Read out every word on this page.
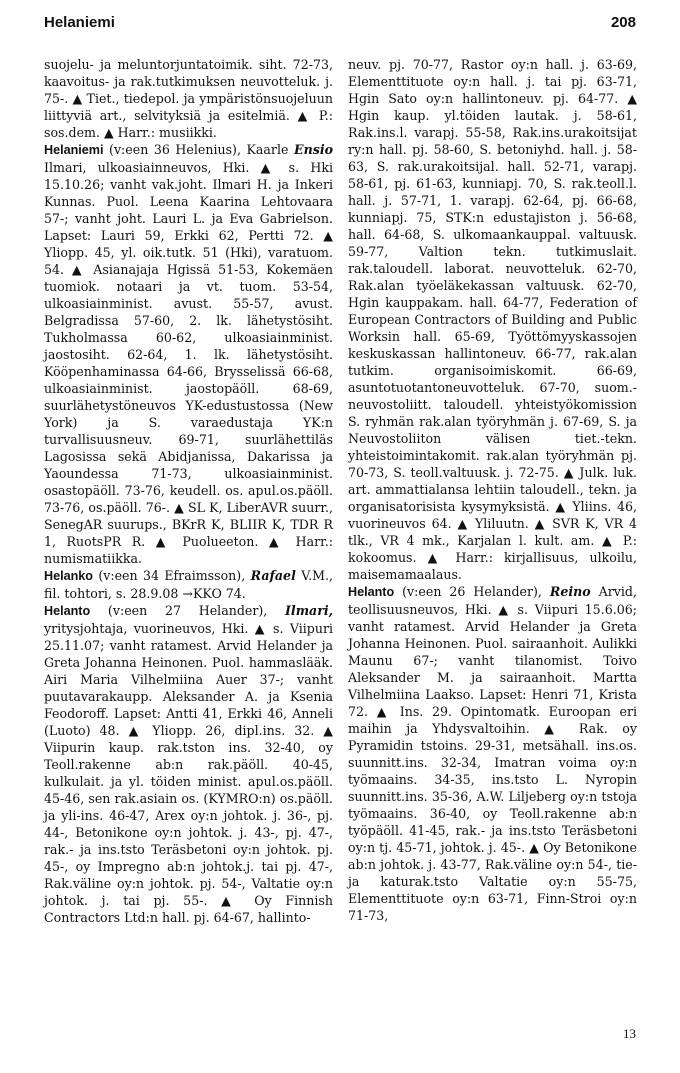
Helaniemi	208

suojelu- ja meluntorjuntatoimik. siht. 72-73, kaavoitus- ja rak.tutkimuksen neuvotteluk. j. 75-. ▲ Tiet., tiedepol. ja ympäristönsuojeluun liittyviä art., selvityksiä ja esitelmiä. ▲ P.: sos.dem. ▲ Harr.: musiikki.

Helaniemi (v:een 36 Helenius), Kaarle Ensio Ilmari, ulkoasiainneuvos, Hki. ▲ s. Hki 15.10.26; vanht vak.joht. Ilmari H. ja Inkeri Kunnas. Puol. Leena Kaarina Lehtovaara 57-; vanht joht. Lauri L. ja Eva Gabrielson. Lapset: Lauri 59, Erkki 62, Pertti 72. ▲ Yliopp. 45, yl. oik.tutk. 51 (Hki), varatuom. 54. ▲ Asianajaja Hgissä 51-53, Kokemäen tuomiok. notaari ja vt. tuom. 53-54, ulkoasiainminist. avust. 55-57, avust. Belgradissa 57-60, 2. lk. lähetystösiht. Tukholmassa 60-62, ulkoasiainminist. jaostosiht. 62-64, 1. lk. lähetystösiht. Kööpenhaminassa 64-66, Brysselissä 66-68, ulkoasiainminist. jaostopäöll. 68-69, suurlähetystöneuvos YK-edustustossa (New York) ja S. varaedustaja YK:n turvallisuusneuv. 69-71, suurlähettiläs Lagosissa sekä Abidjanissa, Dakarissa ja Yaoundessa 71-73, ulkoasiainminist. osastopäöll. 73-76, keudell. os. apul.os.päöll. 73-76, os.päöll. 76-. ▲ SL K, LiberAVR suurr., SenegAR suurups., BKrR K, BLIIR K, TDR R 1, RuotsPR R. ▲ Puolueeton. ▲ Harr.: numismatiikka.

Helanko (v:een 34 Efraimsson), Rafael V.M., fil. tohtori, s. 28.9.08 →KKO 74.

Helanto (v:een 27 Helander), Ilmari, yritysjohtaja, vuorineuvos, Hki. ▲ s. Viipuri 25.11.07; vanht ratamest. Arvid Helander ja Greta Johanna Heinonen. Puol. hammaslääk. Airi Maria Vilhelmiina Auer 37-; vanht puutavarakaupp. Aleksander A. ja Ksenia Feodoroff. Lapset: Antti 41, Erkki 46, Anneli (Luoto) 48. ▲ Yliopp. 26, dipl.ins. 32. ▲ Viipurin kaup. rak.tston ins. 32-40, oy Teoll.rakenne ab:n rak.päöll. 40-45, kulkulait. ja yl. töiden minist. apul.os.päöll. 45-46, sen rak.asiain os. (KYMRO:n) os.päöll. ja yli-ins. 46-47, Arex oy:n johtok. j. 36-, pj. 44-, Betonikone oy:n johtok. j. 43-, pj. 47-, rak.- ja ins.tsto Teräsbetoni oy:n johtok. pj. 45-, oy Impregno ab:n johtok.j. tai pj. 47-, Rak.väline oy:n johtok. pj. 54-, Valtatie oy:n johtok. j. tai pj. 55-. ▲ Oy Finnish Contractors Ltd:n hall. pj. 64-67, hallinto-

neuv. pj. 70-77, Rastor oy:n hall. j. 63-69, Elementtituote oy:n hall. j. tai pj. 63-71, Hgin Sato oy:n hallintoneuv. pj. 64-77. ▲ Hgin kaup. yl.töiden lautak. j. 58-61, Rak.ins.l. varapj. 55-58, Rak.ins.urakoitsijat ry:n hall. pj. 58-60, S. betoniyhd. hall. j. 58-63, S. rak.urakoitsijal. hall. 52-71, varapj. 58-61, pj. 61-63, kunniapj. 70, S. rak.teoll.l. hall. j. 57-71, 1. varapj. 62-64, pj. 66-68, kunniapj. 75, STK:n edustajiston j. 56-68, hall. 64-68, S. ulkomaankauppal. valtuusk. 59-77, Valtion tekn. tutkimuslait. rak.taloudell. laborat. neuvotteluk. 62-70, Rak.alan työeläkekassan valtuusk. 62-70, Hgin kauppakam. hall. 64-77, Federation of European Contractors of Building and Public Worksin hall. 65-69, Työttömyyskassojen keskuskassan hallintoneuv. 66-77, rak.alan tutkim. organisoimiskomit. 66-69, asuntotuotantoneuvotteluk. 67-70, suom.-neuvostoliitt. taloudell. yhteistyökomission S. ryhmän rak.alan työryhmän j. 67-69, S. ja Neuvostoliiton välisen tiet.-tekn. yhteistoimintakomit. rak.alan työryhmän pj. 70-73, S. teoll.valtuusk. j. 72-75. ▲ Julk. luk. art. ammattialansa lehtiin taloudell., tekn. ja organisatorisista kysymyksistä. ▲ Yliins. 46, vuorineuvos 64. ▲ Yliluutn. ▲ SVR K, VR 4 tlk., VR 4 mk., Karjalan l. kult. am. ▲ P.: kokoomus. ▲ Harr.: kirjallisuus, ulkoilu, maisemamaalaus.

Helanto (v:een 26 Helander), Reino Arvid, teollisuusneuvos, Hki. ▲ s. Viipuri 15.6.06; vanht ratamest. Arvid Helander ja Greta Johanna Heinonen. Puol. sairaanhoit. Aulikki Maunu 67-; vanht tilanomist. Toivo Aleksander M. ja sairaanhoit. Martta Vilhelmiina Laakso. Lapset: Henri 71, Krista 72. ▲ Ins. 29. Opintomatk. Euroopan eri maihin ja Yhdysvaltoihin. ▲ Rak. oy Pyramidin tstoins. 29-31, metsähall. ins.os. suunnitt.ins. 32-34, Imatran voima oy:n työmaains. 34-35, ins.tsto L. Nyropin suunnitt.ins. 35-36, A.W. Liljeberg oy:n tstoja työmaains. 36-40, oy Teoll.rakenne ab:n työpäöll. 41-45, rak.- ja ins.tsto Teräsbetoni oy:n tj. 45-71, johtok. j. 45-. ▲ Oy Betonikone ab:n johtok. j. 43-77, Rak.väline oy:n 54-, tie- ja katurak.tsto Valtatie oy:n 55-75, Elementtituote oy:n 63-71, Finn-Stroi oy:n 71-73,

13
